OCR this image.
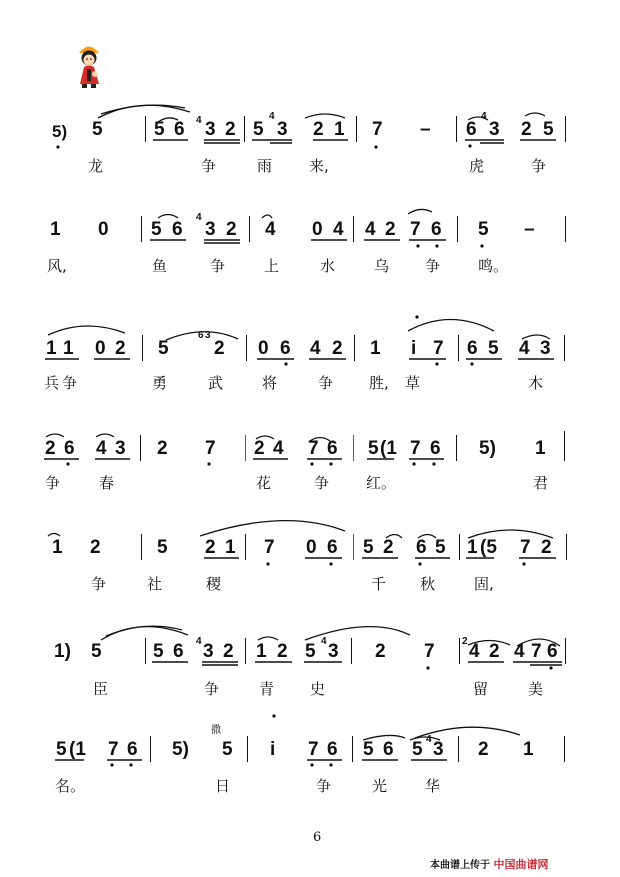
5) 5	5 6 4 3 2 5
4
3 2 1 7 – 6
4
3 2 5
龙	争	雨 来,	虎	争
1 0 5 6
4
3 2 4 0 4 4 2 7 6 5 –
风,	鱼	争	上	水	乌 争	鸣。
1 1 0 2 5
6 3
2 0 6 4 2 1 i 7 6 5 4 3
兵 争	勇	武	将	争 胜, 草	木
2 6 4 3 2 7 2 4 7 6 5 (1 7 6 5) 1
争	春	花	争 红。	君
1 2	5 2 1 7 0 6 5 2 6 5 1 (5 7 2
争	社	稷	千 秋	固,
1) 5	5 6 4 3 2 1 2 5 4 3 2 7	2 4 2 4 7 6
臣	争	青 史	留	美
撒
5 (1 7 6 5) 5 i 7 6 5 6 5 4 3 2 1
名。	日	争	光	华
6
本曲谱上传于 中国曲谱网
